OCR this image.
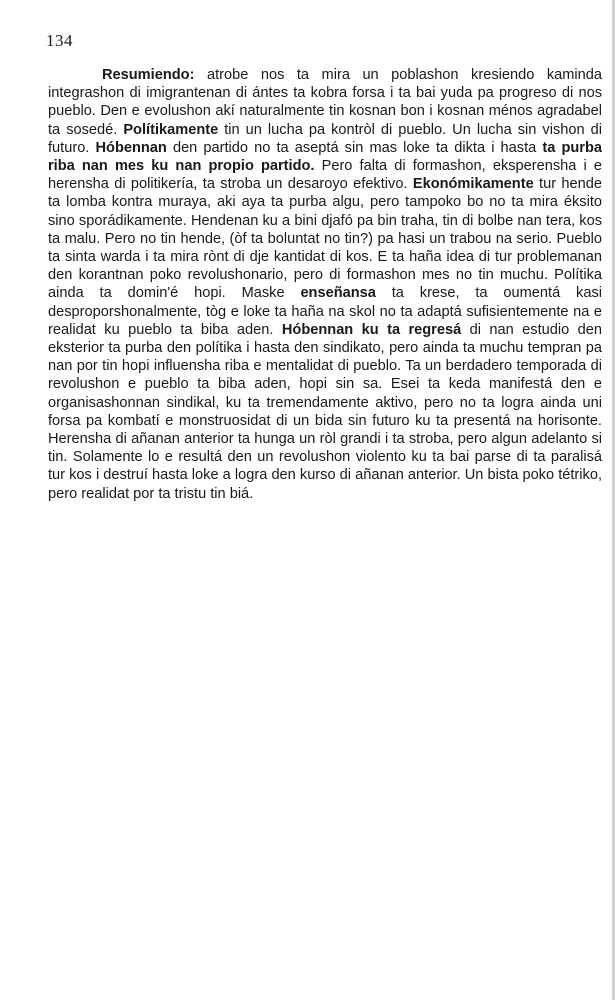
134

Resumiendo: atrobe nos ta mira un poblashon kresiendo kaminda integrashon di imigrantenan di ántes ta kobra forsa i ta bai yuda pa progreso di nos pueblo. Den e evolushon akí naturalmente tin kosnan bon i kosnan ménos agradabel ta sosedé. Polítikamente tin un lucha pa kontròl di pueblo. Un lucha sin vishon di futuro. Hóbennan den partido no ta aseptá sin mas loke ta dikta i hasta ta purba riba nan mes ku nan propio partido. Pero falta di formashon, eksperensha i e herensha di politikería, ta stroba un desaroyo efektivo. Ekonómikamente tur hende ta lomba kontra muraya, aki aya ta purba algu, pero tampoko bo no ta mira éksito sino sporádikamente. Hendenan ku a bini djafó pa bin traha, tin di bolbe nan tera, kos ta malu. Pero no tin hende, (òf ta boluntat no tin?) pa hasi un trabou na serio. Pueblo ta sinta warda i ta mira rònt di dje kantidat di kos. E ta haña idea di tur problemanan den korantnan poko revolushonario, pero di formashon mes no tin muchu. Polítika ainda ta domin'é hopi. Maske enseñansa ta krese, ta oumentá kasi desproporshonalmente, tòg e loke ta haña na skol no ta adaptá sufisientemente na e realidat ku pueblo ta biba aden. Hóbennan ku ta regresá di nan estudio den eksterior ta purba den polítika i hasta den sindikato, pero ainda ta muchu tempran pa nan por tin hopi influensha riba e mentalidat di pueblo. Ta un berdadero temporada di revolushon e pueblo ta biba aden, hopi sin sa. Esei ta keda manifestá den e organisashonnan sindikal, ku ta tremendamente aktivo, pero no ta logra ainda uni forsa pa kombatí e monstruosidat di un bida sin futuro ku ta presentá na horisonte. Herensha di añanan anterior ta hunga un ròl grandi i ta stroba, pero algun adelanto si tin. Solamente lo e resultá den un revolushon violento ku ta bai parse di ta paralisá tur kos i destruí hasta loke a logra den kurso di añanan anterior. Un bista poko tétriko, pero realidat por ta tristu tin biá.
